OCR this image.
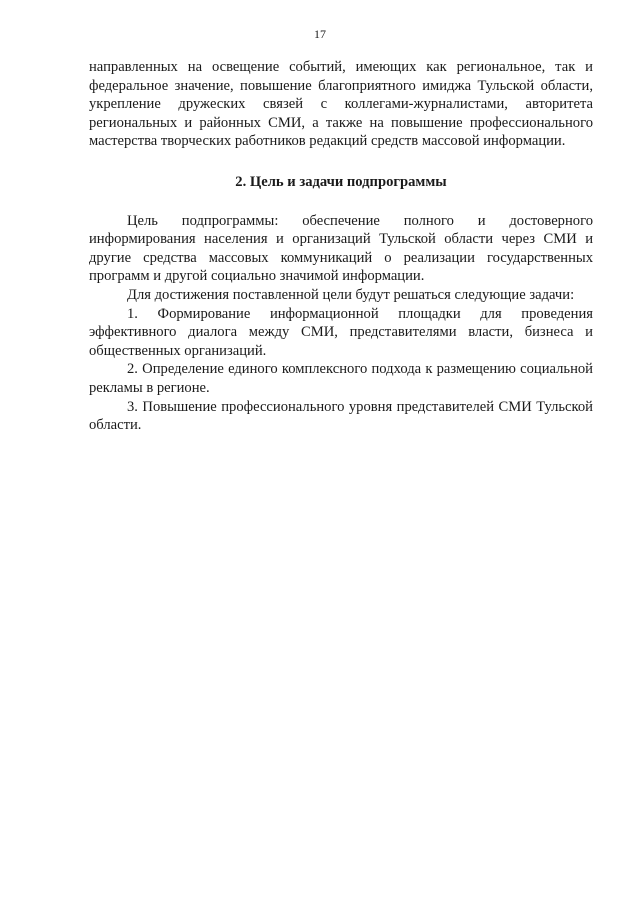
17

направленных на освещение событий, имеющих как региональное, так и федеральное значение, повышение благоприятного имиджа Тульской области, укрепление дружеских связей с коллегами-журналистами, авторитета региональных и районных СМИ, а также на повышение профессионального мастерства творческих работников редакций средств массовой информации.

2. Цель и задачи подпрограммы

Цель подпрограммы: обеспечение полного и достоверного информирования населения и организаций Тульской области через СМИ и другие средства массовых коммуникаций о реализации государственных программ и другой социально значимой информации.

Для достижения поставленной цели будут решаться следующие задачи:

1. Формирование информационной площадки для проведения эффективного диалога между СМИ, представителями власти, бизнеса и общественных организаций.

2. Определение единого комплексного подхода к размещению социальной рекламы в регионе.

3. Повышение профессионального уровня представителей СМИ Тульской области.
